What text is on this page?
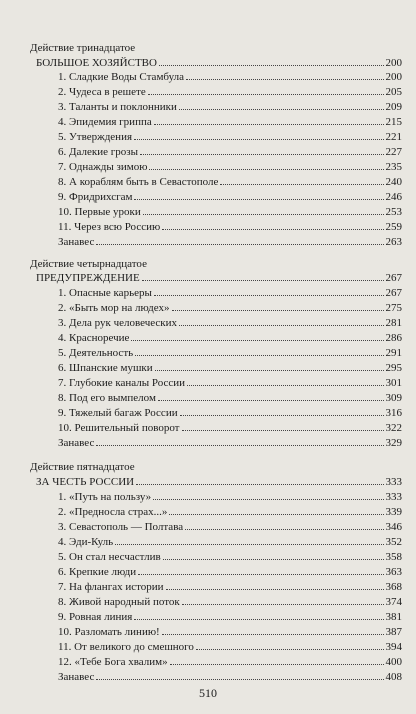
Действие тринадцатое
БОЛЬШОЕ ХОЗЯЙСТВО	200
1. Сладкие Воды Стамбула	200
2. Чудеса в решете	205
3. Таланты и поклонники	209
4. Эпидемия гриппа	215
5. Утверждения	221
6. Далекие грозы	227
7. Однажды зимою	235
8. А кораблям быть в Севастополе	240
9. Фридрихсгам	246
10. Первые уроки	253
11. Через всю Россию	259
Занавес	263
Действие четырнадцатое
ПРЕДУПРЕЖДЕНИЕ	267
1. Опасные карьеры	267
2. «Быть мор на людех»	275
3. Дела рук человеческих	281
4. Красноречие	286
5. Деятельность	291
6. Шпанские мушки	295
7. Глубокие каналы России	301
8. Под его вымпелом	309
9. Тяжелый багаж России	316
10. Решительный поворот	322
Занавес	329
Действие пятнадцатое
ЗА ЧЕСТЬ РОССИИ	333
1. «Путь на пользу»	333
2. «Предносла страх...»	339
3. Севастополь — Полтава	346
4. Эди-Куль	352
5. Он стал несчастлив	358
6. Крепкие люди	363
7. На флангах истории	368
8. Живой народный поток	374
9. Ровная линия	381
10. Разломать линию!	387
11. От великого до смешного	394
12. «Тебе Бога хвалим»	400
Занавес	408
510
